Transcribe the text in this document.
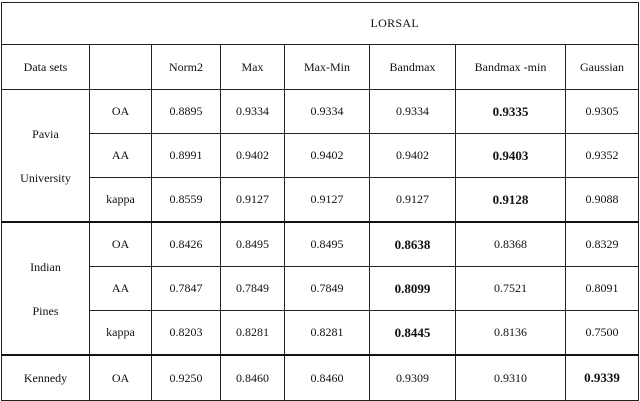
		LORSAL					
Data sets		Norm2	Max	Max-Min	Bandmax	Bandmax -min	Gaussian

Pavia
University	OA	0.8895	0.9334	0.9334	0.9334	0.9335	0.9305
	AA	0.8991	0.9402	0.9402	0.9402	0.9403	0.9352
	kappa	0.8559	0.9127	0.9127	0.9127	0.9128	0.9088

Indian
Pines	OA	0.8426	0.8495	0.8495	0.8638	0.8368	0.8329
	AA	0.7847	0.7849	0.7849	0.8099	0.7521	0.8091
	kappa	0.8203	0.8281	0.8281	0.8445	0.8136	0.7500

Kennedy	OA	0.9250	0.8460	0.8460	0.9309	0.9310	0.9339
